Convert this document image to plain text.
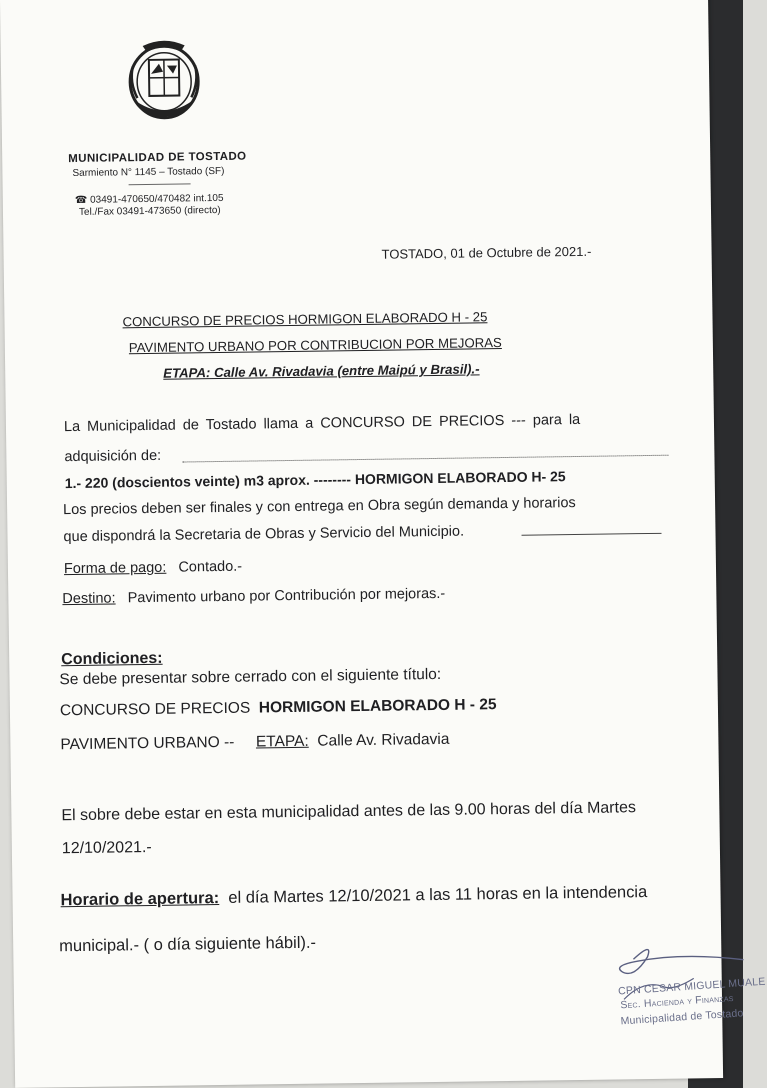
MUNICIPALIDAD DE TOSTADO
Sarmiento N° 1145 – Tostado (SF)
☎ 03491-470650/470482 int.105
Tel./Fax 03491-473650 (directo)
TOSTADO, 01 de Octubre de 2021.-
CONCURSO DE PRECIOS HORMIGON ELABORADO H - 25
PAVIMENTO URBANO POR CONTRIBUCION POR MEJORAS
ETAPA: Calle Av. Rivadavia (entre Maipú y Brasil).-
La Municipalidad de Tostado llama a CONCURSO DE PRECIOS --- para la
adquisición de:
1.- 220 (doscientos veinte) m3 aprox. -------- HORMIGON ELABORADO H- 25
Los precios deben ser finales y con entrega en Obra según demanda y horarios
que dispondrá la Secretaria de Obras y Servicio del Municipio.
Forma de pago: Contado.-
Destino: Pavimento urbano por Contribución por mejoras.-
Condiciones:
Se debe presentar sobre cerrado con el siguiente título:
CONCURSO DE PRECIOS  HORMIGON ELABORADO H - 25
PAVIMENTO URBANO --     ETAPA:  Calle Av. Rivadavia
El sobre debe estar en esta municipalidad antes de las 9.00 horas del día Martes
12/10/2021.-
Horario de apertura:  el día Martes 12/10/2021 a las 11 horas en la intendencia
municipal.- ( o día siguiente hábil).-
CPN CESAR MIGUEL MUALE
Sec. Hacienda y Finanzas
Municipalidad de Tostado
